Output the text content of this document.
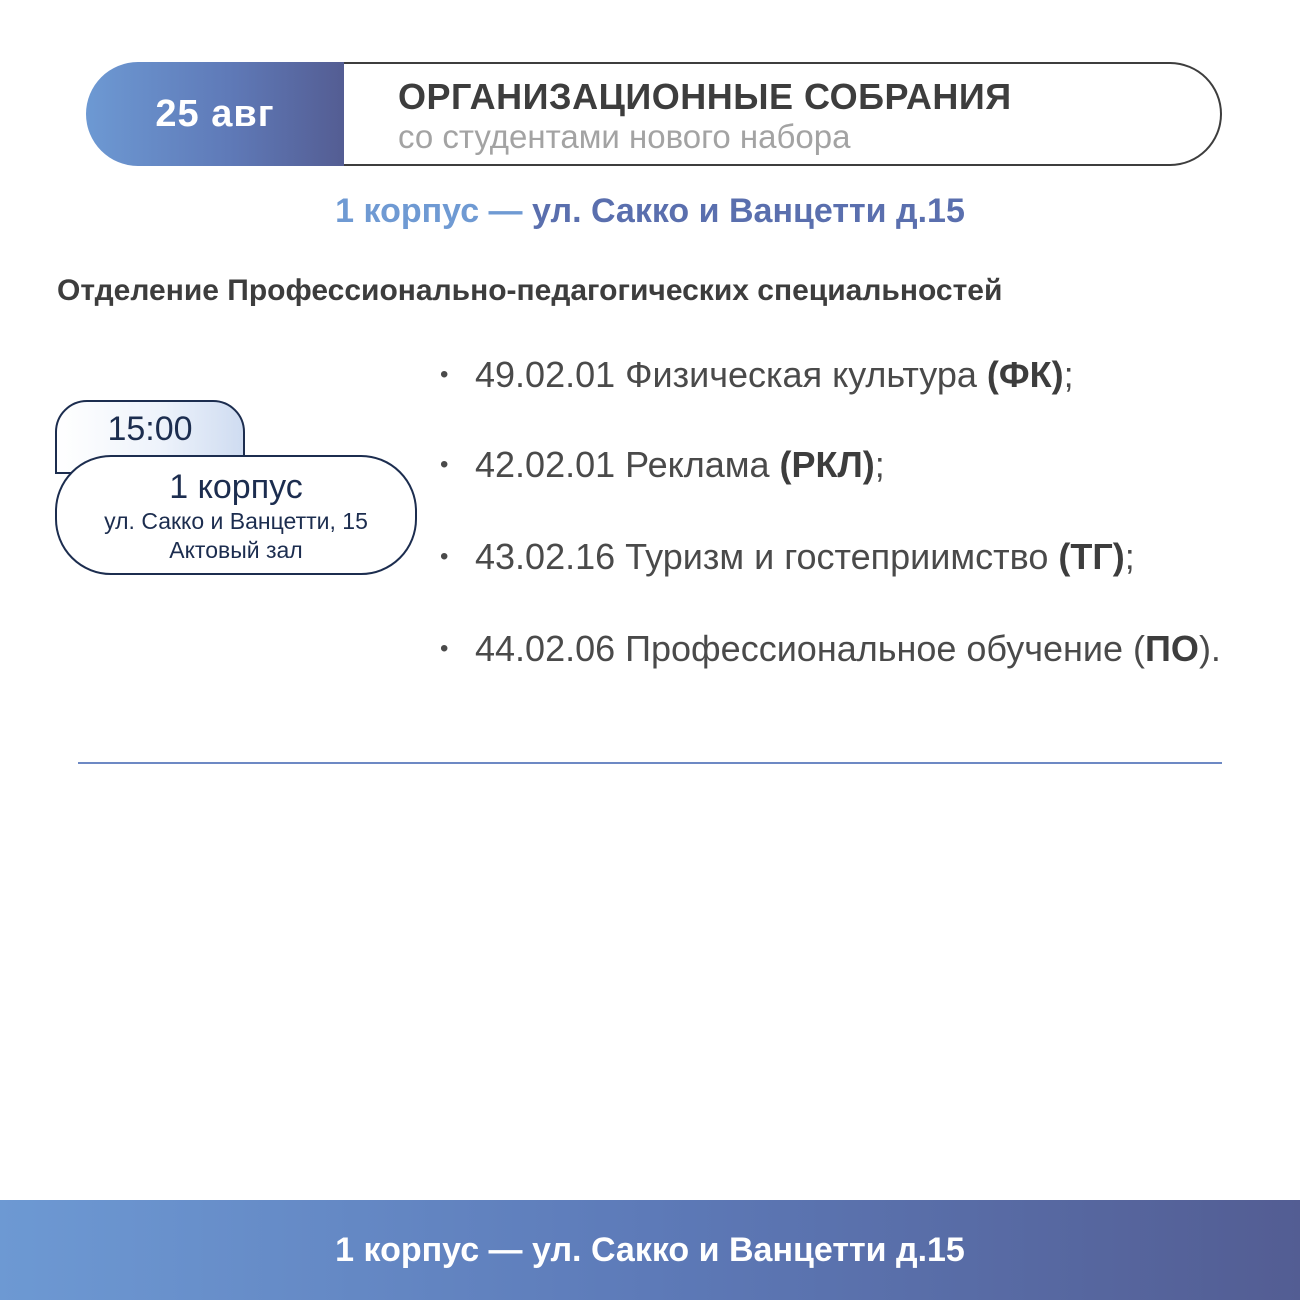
25 авг	ОРГАНИЗАЦИОННЫЕ СОБРАНИЯ
со студентами нового набора
1 корпус — ул. Сакко и Ванцетти д.15
Отделение Профессионально-педагогических специальностей
15:00
1 корпус
ул. Сакко и Ванцетти, 15
Актовый зал
• 49.02.01 Физическая культура (ФК);
• 42.02.01 Реклама (РКЛ);
• 43.02.16 Туризм и гостеприимство (ТГ);
• 44.02.06 Профессиональное обучение (ПО).
1 корпус — ул. Сакко и Ванцетти д.15
